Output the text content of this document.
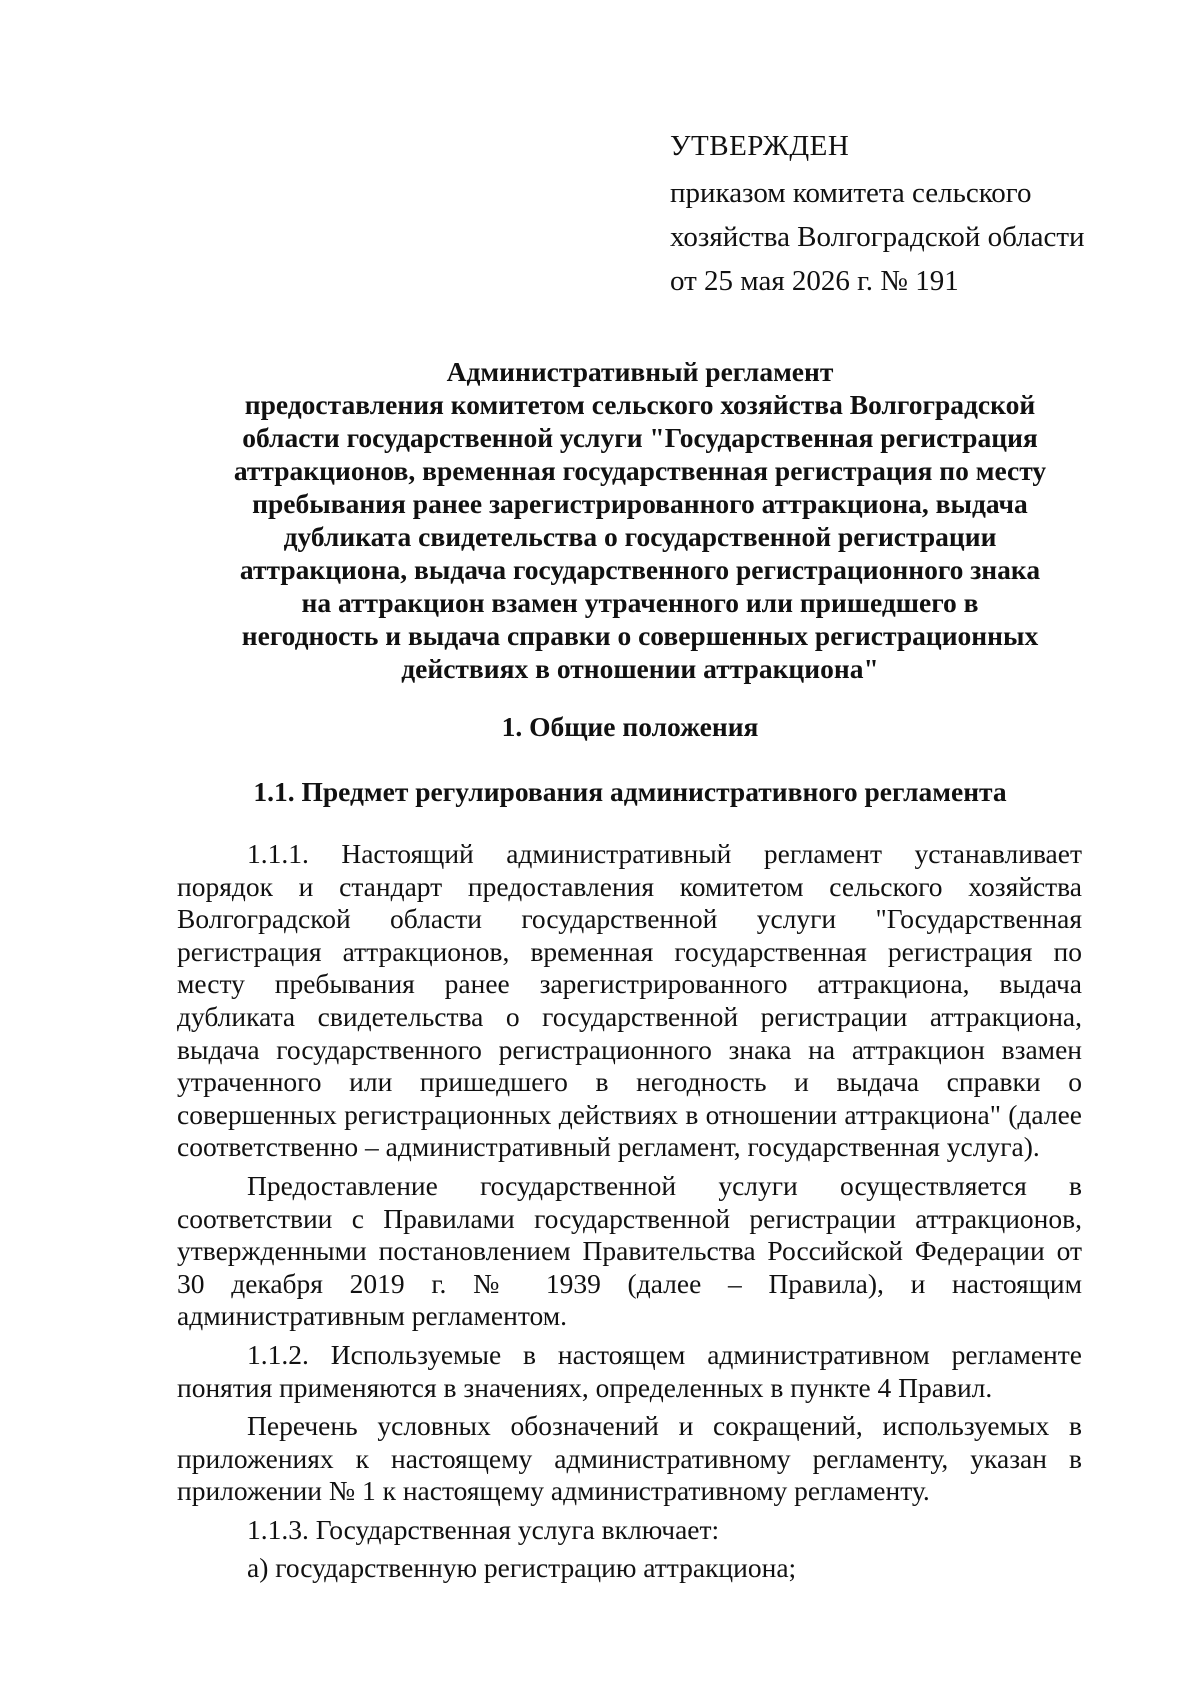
УТВЕРЖДЕН
приказом комитета сельского
хозяйства Волгоградской области
от 25 мая 2026 г. № 191
Административный регламент
предоставления комитетом сельского хозяйства Волгоградской
области государственной услуги "Государственная регистрация
аттракционов, временная государственная регистрация по месту
пребывания ранее зарегистрированного аттракциона, выдача
дубликата свидетельства о государственной регистрации
аттракциона, выдача государственного регистрационного знака
на аттракцион взамен утраченного или пришедшего в
негодность и выдача справки о совершенных регистрационных
действиях в отношении аттракциона"
1. Общие положения
1.1. Предмет регулирования административного регламента

1.1.1. Настоящий административный регламент устанавливает порядок и стандарт предоставления комитетом сельского хозяйства Волгоградской области государственной услуги "Государственная регистрация аттракционов, временная государственная регистрация по месту пребывания ранее зарегистрированного аттракциона, выдача дубликата свидетельства о государственной регистрации аттракциона, выдача государственного регистрационного знака на аттракцион взамен утраченного или пришедшего в негодность и выдача справки о совершенных регистрационных действиях в отношении аттракциона" (далее соответственно – административный регламент, государственная услуга).

Предоставление государственной услуги осуществляется в соответствии с Правилами государственной регистрации аттракционов, утвержденными постановлением Правительства Российской Федерации от 30 декабря 2019 г. № 1939 (далее – Правила), и настоящим административным регламентом.

1.1.2. Используемые в настоящем административном регламенте понятия применяются в значениях, определенных в пункте 4 Правил.

Перечень условных обозначений и сокращений, используемых в приложениях к настоящему административному регламенту, указан в приложении № 1 к настоящему административному регламенту.

1.1.3. Государственная услуга включает:

а) государственную регистрацию аттракциона;
